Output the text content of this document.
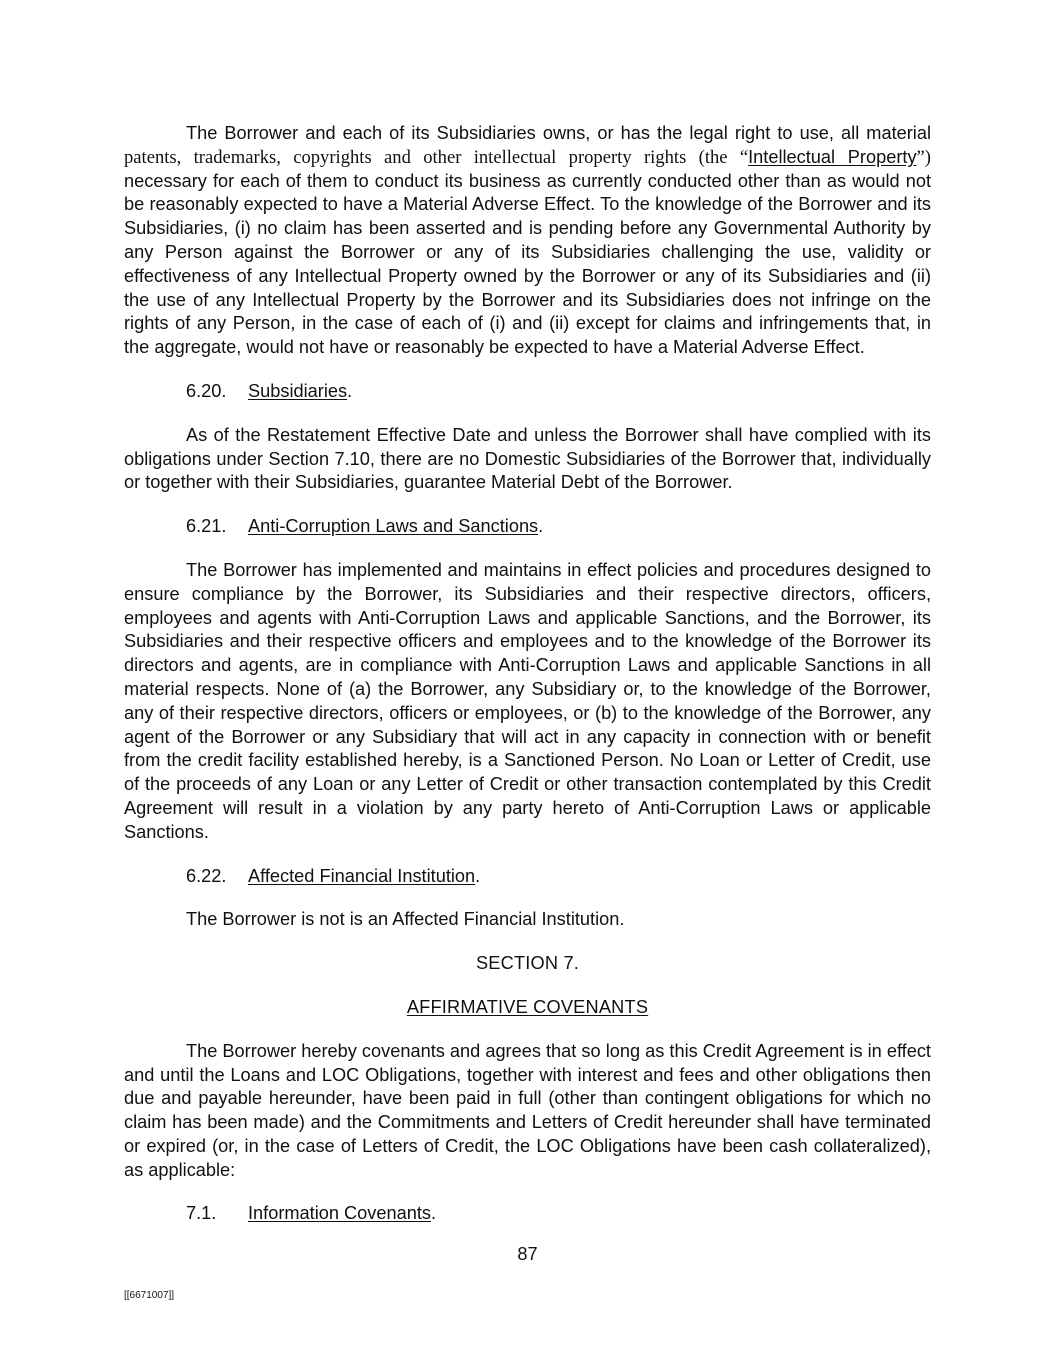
The Borrower and each of its Subsidiaries owns, or has the legal right to use, all material patents, trademarks, copyrights and other intellectual property rights (the “Intellectual Property”) necessary for each of them to conduct its business as currently conducted other than as would not be reasonably expected to have a Material Adverse Effect. To the knowledge of the Borrower and its Subsidiaries, (i) no claim has been asserted and is pending before any Governmental Authority by any Person against the Borrower or any of its Subsidiaries challenging the use, validity or effectiveness of any Intellectual Property owned by the Borrower or any of its Subsidiaries and (ii) the use of any Intellectual Property by the Borrower and its Subsidiaries does not infringe on the rights of any Person, in the case of each of (i) and (ii) except for claims and infringements that, in the aggregate, would not have or reasonably be expected to have a Material Adverse Effect.

6.20. Subsidiaries.

As of the Restatement Effective Date and unless the Borrower shall have complied with its obligations under Section 7.10, there are no Domestic Subsidiaries of the Borrower that, individually or together with their Subsidiaries, guarantee Material Debt of the Borrower.

6.21. Anti-Corruption Laws and Sanctions.

The Borrower has implemented and maintains in effect policies and procedures designed to ensure compliance by the Borrower, its Subsidiaries and their respective directors, officers, employees and agents with Anti-Corruption Laws and applicable Sanctions, and the Borrower, its Subsidiaries and their respective officers and employees and to the knowledge of the Borrower its directors and agents, are in compliance with Anti-Corruption Laws and applicable Sanctions in all material respects. None of (a) the Borrower, any Subsidiary or, to the knowledge of the Borrower, any of their respective directors, officers or employees, or (b) to the knowledge of the Borrower, any agent of the Borrower or any Subsidiary that will act in any capacity in connection with or benefit from the credit facility established hereby, is a Sanctioned Person. No Loan or Letter of Credit, use of the proceeds of any Loan or any Letter of Credit or other transaction contemplated by this Credit Agreement will result in a violation by any party hereto of Anti-Corruption Laws or applicable Sanctions.

6.22. Affected Financial Institution.

The Borrower is not is an Affected Financial Institution.

SECTION 7.
AFFIRMATIVE COVENANTS

The Borrower hereby covenants and agrees that so long as this Credit Agreement is in effect and until the Loans and LOC Obligations, together with interest and fees and other obligations then due and payable hereunder, have been paid in full (other than contingent obligations for which no claim has been made) and the Commitments and Letters of Credit hereunder shall have terminated or expired (or, in the case of Letters of Credit, the LOC Obligations have been cash collateralized), as applicable:

7.1. Information Covenants.
87
[[6671007]]
